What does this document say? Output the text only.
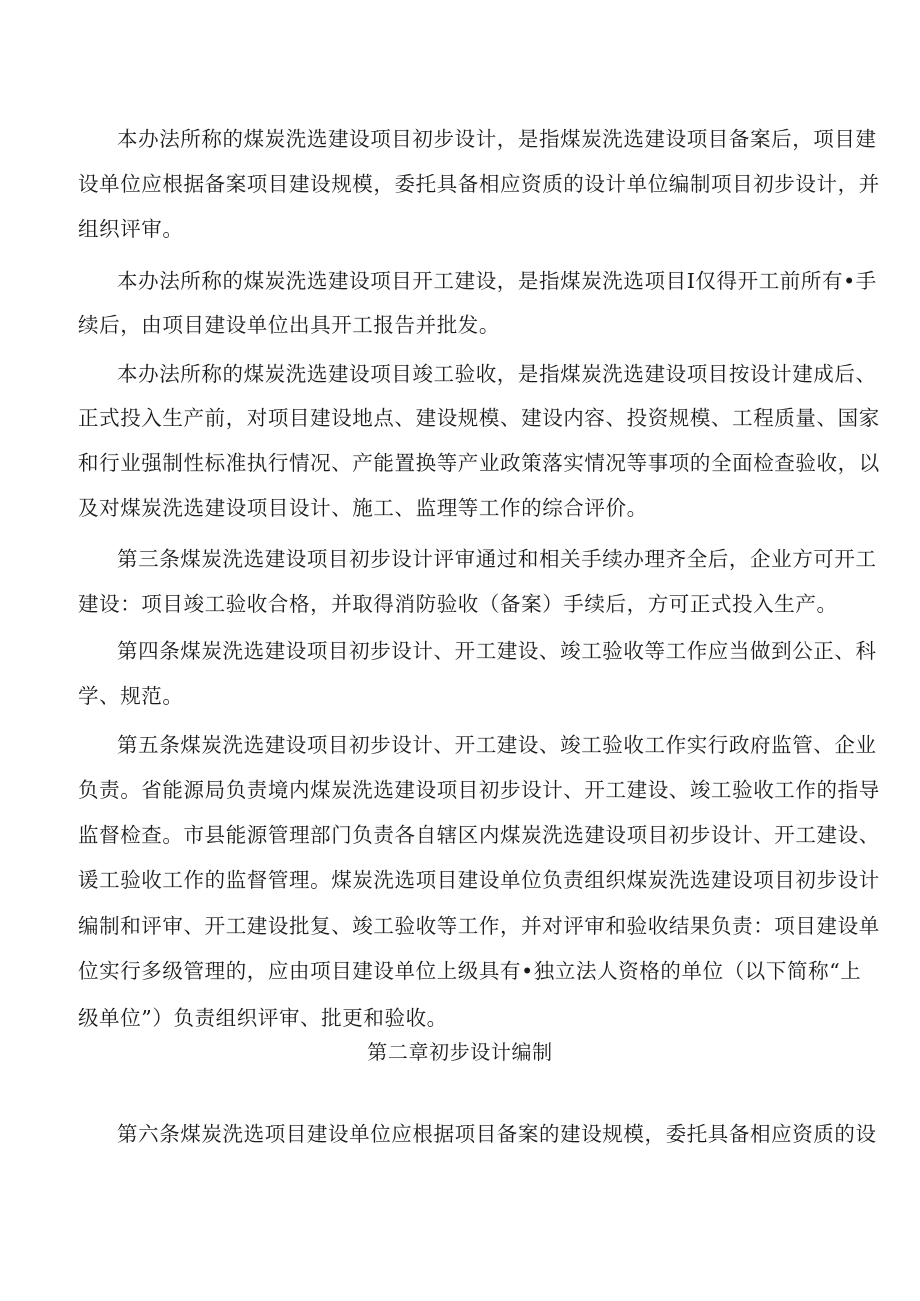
本办法所称的煤炭洗选建设项目初步设计，是指煤炭洗选建设项目备案后，项目建
设单位应根据备案项目建设规模，委托具备相应资质的设计单位编制项目初步设计，并
组织评审。
本办法所称的煤炭洗选建设项目开工建设，是指煤炭洗选项目I仅得开工前所有•手
续后，由项目建设单位出具开工报告并批发。
本办法所称的煤炭洗选建设项目竣工验收，是指煤炭洗选建设项目按设计建成后、
正式投入生产前，对项目建设地点、建设规模、建设内容、投资规模、工程质量、国家
和行业强制性标准执行情况、产能置换等产业政策落实情况等事项的全面检查验收，以
及对煤炭洗选建设项目设计、施工、监理等工作的综合评价。
第三条煤炭洗选建设项目初步设计评审通过和相关手续办理齐全后，企业方可开工
建设：项目竣工验收合格，并取得消防验收（备案）手续后，方可正式投入生产。
第四条煤炭洗选建设项目初步设计、开工建设、竣工验收等工作应当做到公正、科
学、规范。
第五条煤炭洗选建设项目初步设计、开工建设、竣工验收工作实行政府监管、企业
负责。省能源局负责境内煤炭洗选建设项目初步设计、开工建设、竣工验收工作的指导
监督检查。市县能源管理部门负责各自辖区内煤炭洗选建设项目初步设计、开工建设、
谖工验收工作的监督管理。煤炭洗选项目建设单位负责组织煤炭洗选建设项目初步设计
编制和评审、开工建设批复、竣工验收等工作，并对评审和验收结果负责：项目建设单
位实行多级管理的，应由项目建设单位上级具有•独立法人资格的单位（以下简称“上
级单位”）负责组织评审、批更和验收。
第二章初步设计编制
第六条煤炭洗选项目建设单位应根据项目备案的建设规模，委托具备相应资质的设
